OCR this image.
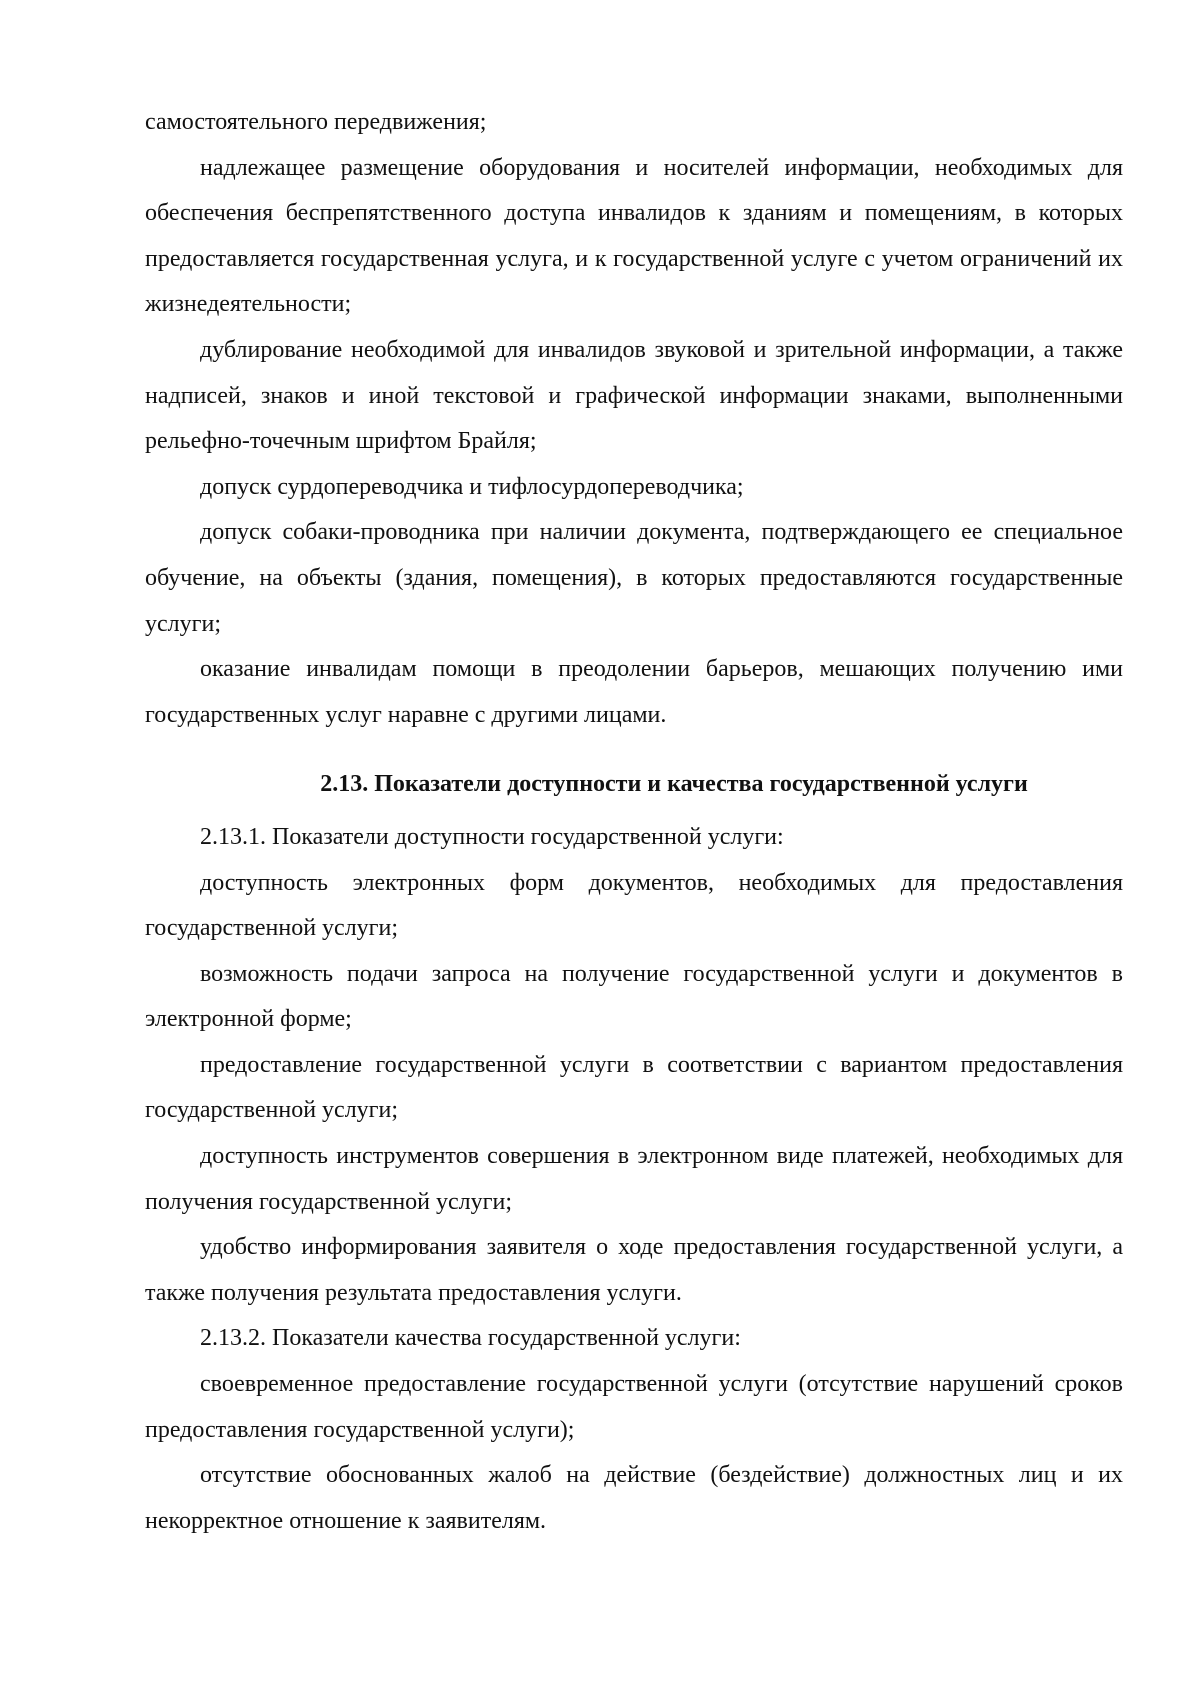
самостоятельного передвижения;

надлежащее размещение оборудования и носителей информации, необходимых для обеспечения беспрепятственного доступа инвалидов к зданиям и помещениям, в которых предоставляется государственная услуга, и к государственной услуге с учетом ограничений их жизнедеятельности;

дублирование необходимой для инвалидов звуковой и зрительной информации, а также надписей, знаков и иной текстовой и графической информации знаками, выполненными рельефно-точечным шрифтом Брайля;

допуск сурдопереводчика и тифлосурдопереводчика;

допуск собаки-проводника при наличии документа, подтверждающего ее специальное обучение, на объекты (здания, помещения), в которых предоставляются государственные услуги;

оказание инвалидам помощи в преодолении барьеров, мешающих получению ими государственных услуг наравне с другими лицами.

2.13. Показатели доступности и качества государственной услуги

2.13.1. Показатели доступности государственной услуги:

доступность электронных форм документов, необходимых для предоставления государственной услуги;

возможность подачи запроса на получение государственной услуги и документов в электронной форме;

предоставление государственной услуги в соответствии с вариантом предоставления государственной услуги;

доступность инструментов совершения в электронном виде платежей, необходимых для получения государственной услуги;

удобство информирования заявителя о ходе предоставления государственной услуги, а также получения результата предоставления услуги.

2.13.2. Показатели качества государственной услуги:

своевременное предоставление государственной услуги (отсутствие нарушений сроков предоставления государственной услуги);

отсутствие обоснованных жалоб на действие (бездействие) должностных лиц и их некорректное отношение к заявителям.
